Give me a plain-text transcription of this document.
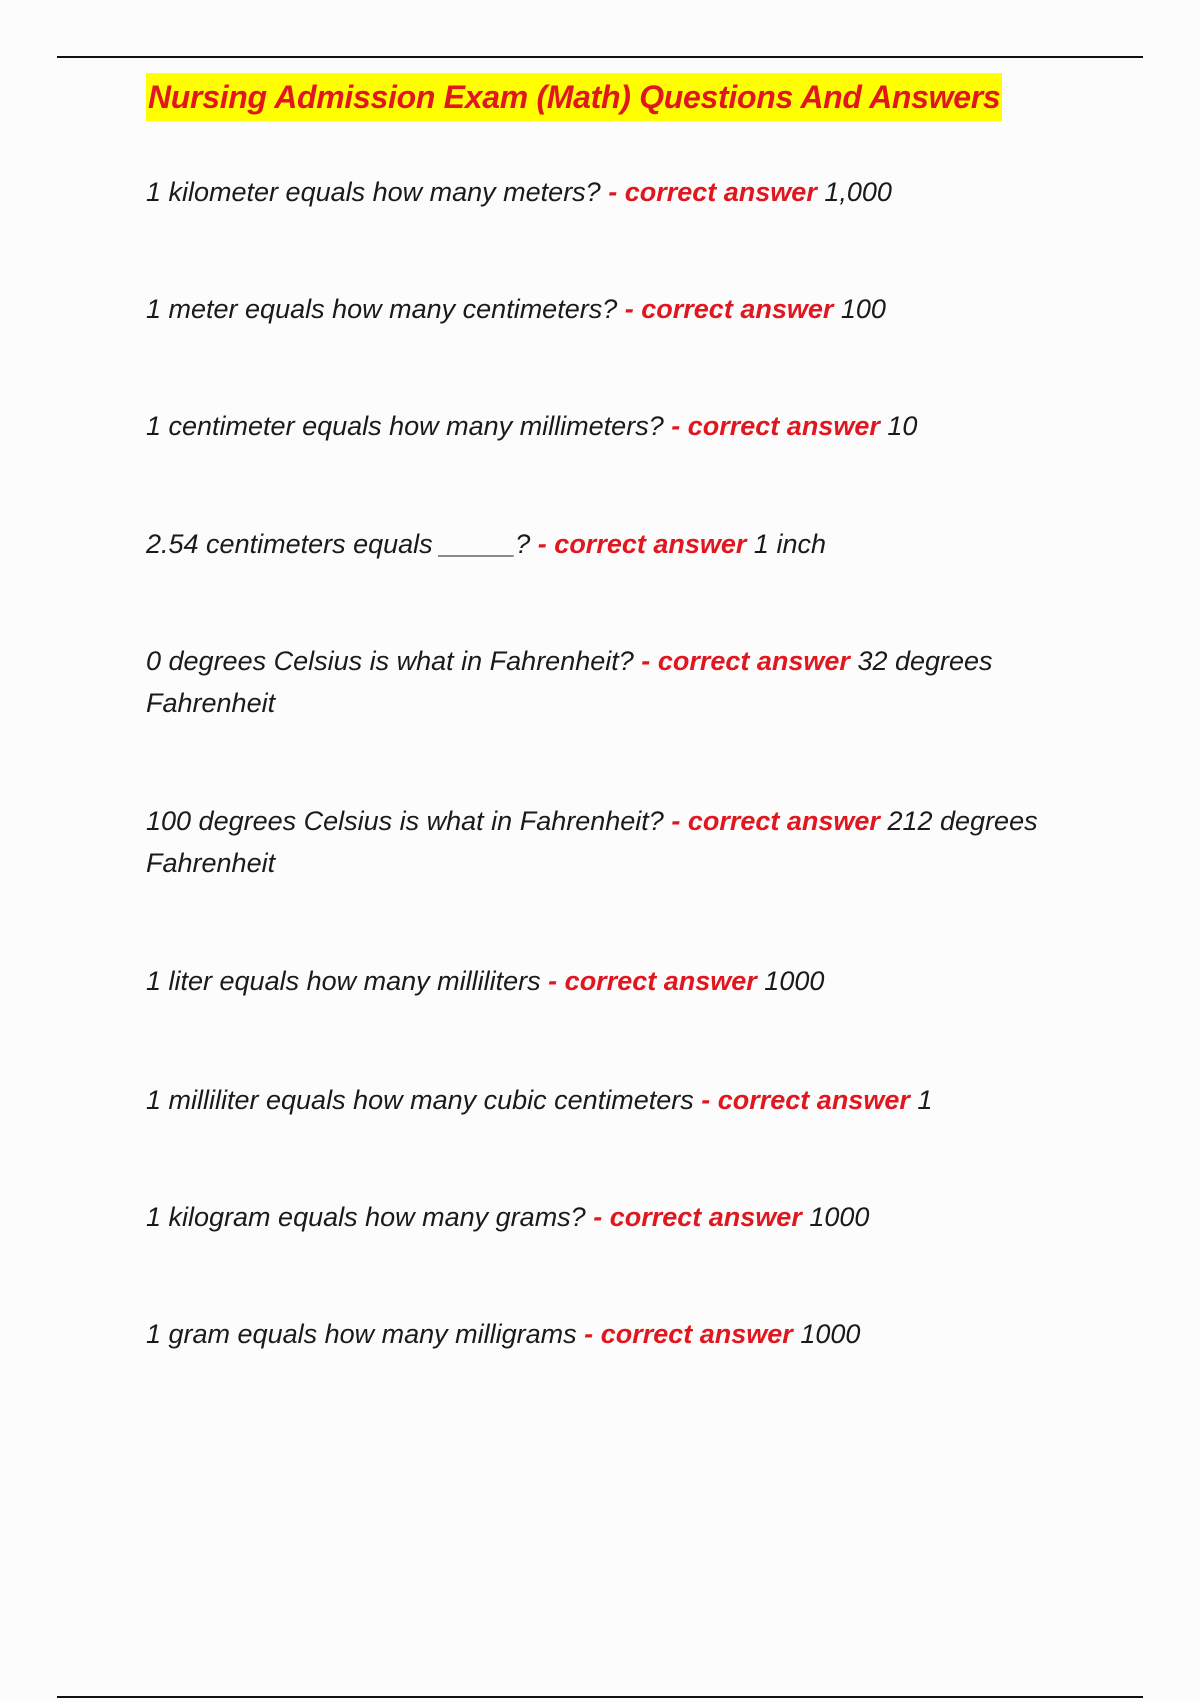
Nursing Admission Exam (Math) Questions And Answers
1 kilometer equals how many meters? - correct answer 1,000
1 meter equals how many centimeters? - correct answer 100
1 centimeter equals how many millimeters? - correct answer 10
2.54 centimeters equals _____? - correct answer 1 inch
0 degrees Celsius is what in Fahrenheit? - correct answer 32 degrees Fahrenheit
100 degrees Celsius is what in Fahrenheit? - correct answer 212 degrees Fahrenheit
1 liter equals how many milliliters - correct answer 1000
1 milliliter equals how many cubic centimeters - correct answer 1
1 kilogram equals how many grams? - correct answer 1000
1 gram equals how many milligrams - correct answer 1000
